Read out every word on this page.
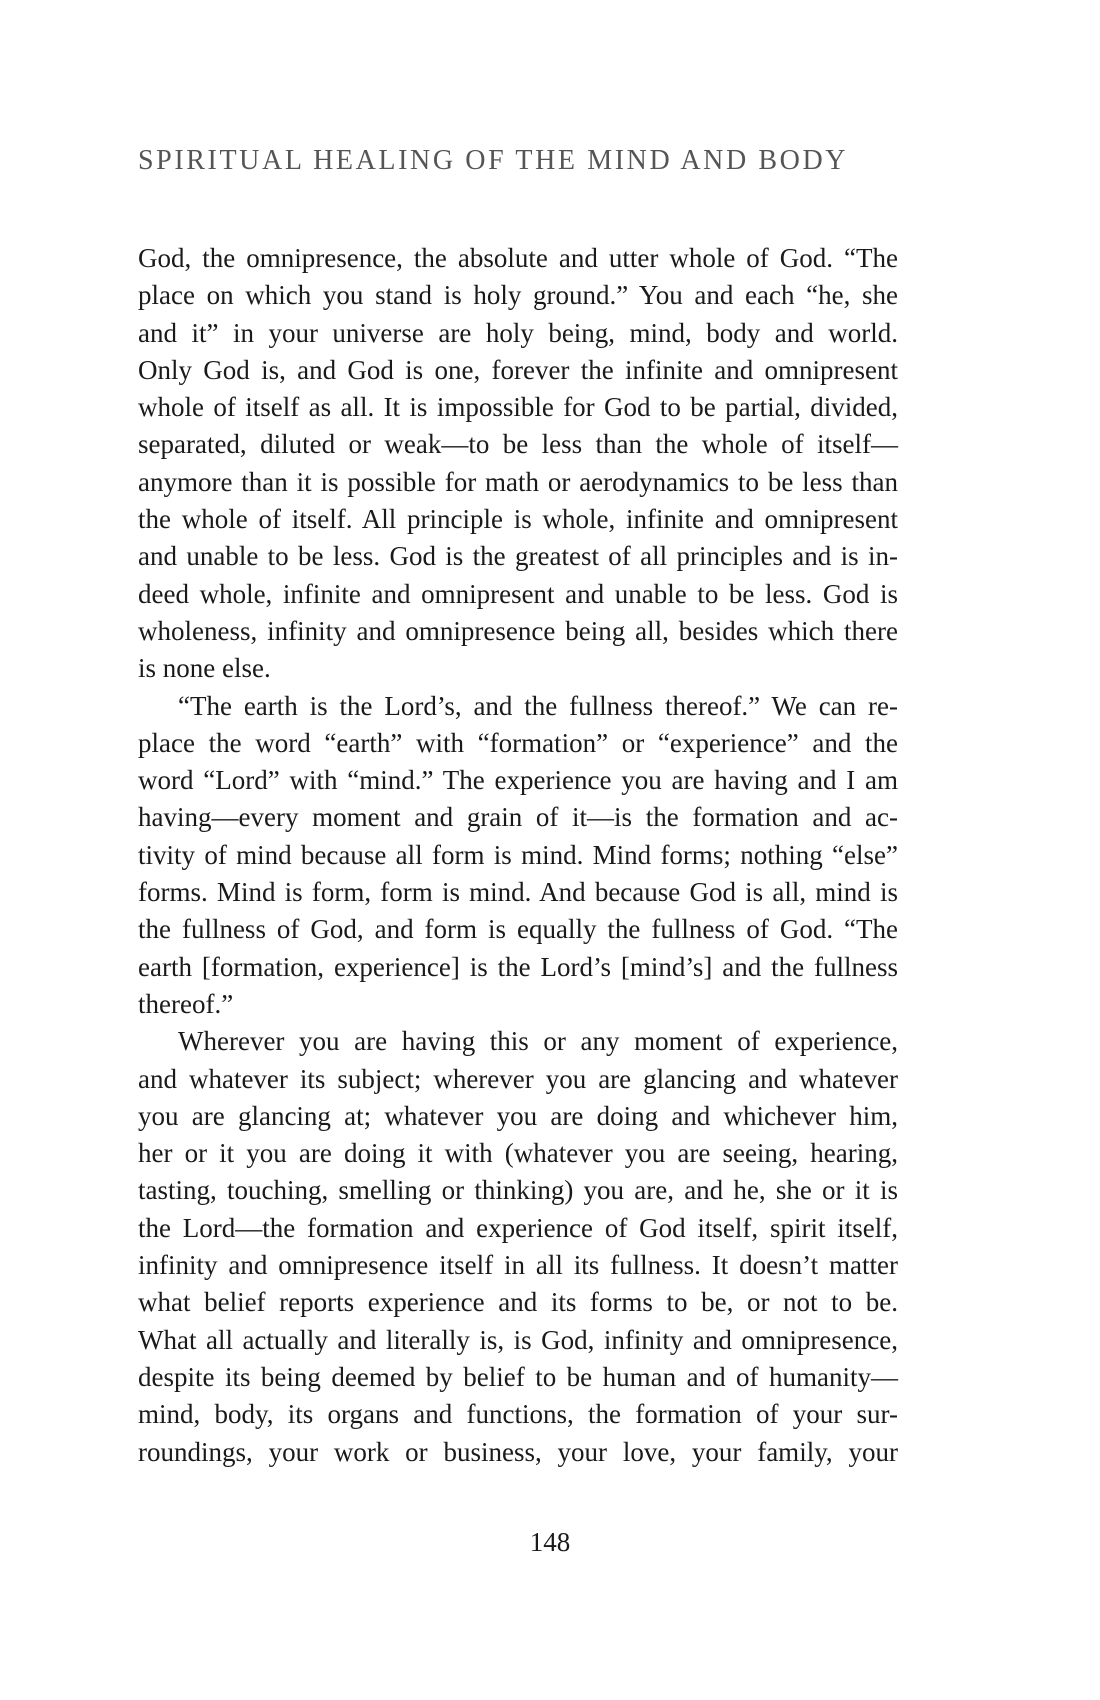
SPIRITUAL HEALING OF THE MIND AND BODY
God, the omnipresence, the absolute and utter whole of God. “The
place on which you stand is holy ground.” You and each “he, she
and it” in your universe are holy being, mind, body and world.
Only God is, and God is one, forever the infinite and omnipresent
whole of itself as all. It is impossible for God to be partial, divided,
separated, diluted or weak—to be less than the whole of itself—
anymore than it is possible for math or aerodynamics to be less than
the whole of itself. All principle is whole, infinite and omnipresent
and unable to be less. God is the greatest of all principles and is in-
deed whole, infinite and omnipresent and unable to be less. God is
wholeness, infinity and omnipresence being all, besides which there
is none else.
“The earth is the Lord’s, and the fullness thereof.” We can re-
place the word “earth” with “formation” or “experience” and the
word “Lord” with “mind.” The experience you are having and I am
having—every moment and grain of it—is the formation and ac-
tivity of mind because all form is mind. Mind forms; nothing “else”
forms. Mind is form, form is mind. And because God is all, mind is
the fullness of God, and form is equally the fullness of God. “The
earth [formation, experience] is the Lord’s [mind’s] and the fullness
thereof.”
Wherever you are having this or any moment of experience,
and whatever its subject; wherever you are glancing and whatever
you are glancing at; whatever you are doing and whichever him,
her or it you are doing it with (whatever you are seeing, hearing,
tasting, touching, smelling or thinking) you are, and he, she or it is
the Lord—the formation and experience of God itself, spirit itself,
infinity and omnipresence itself in all its fullness. It doesn’t matter
what belief reports experience and its forms to be, or not to be.
What all actually and literally is, is God, infinity and omnipresence,
despite its being deemed by belief to be human and of humanity—
mind, body, its organs and functions, the formation of your sur-
roundings, your work or business, your love, your family, your
148
